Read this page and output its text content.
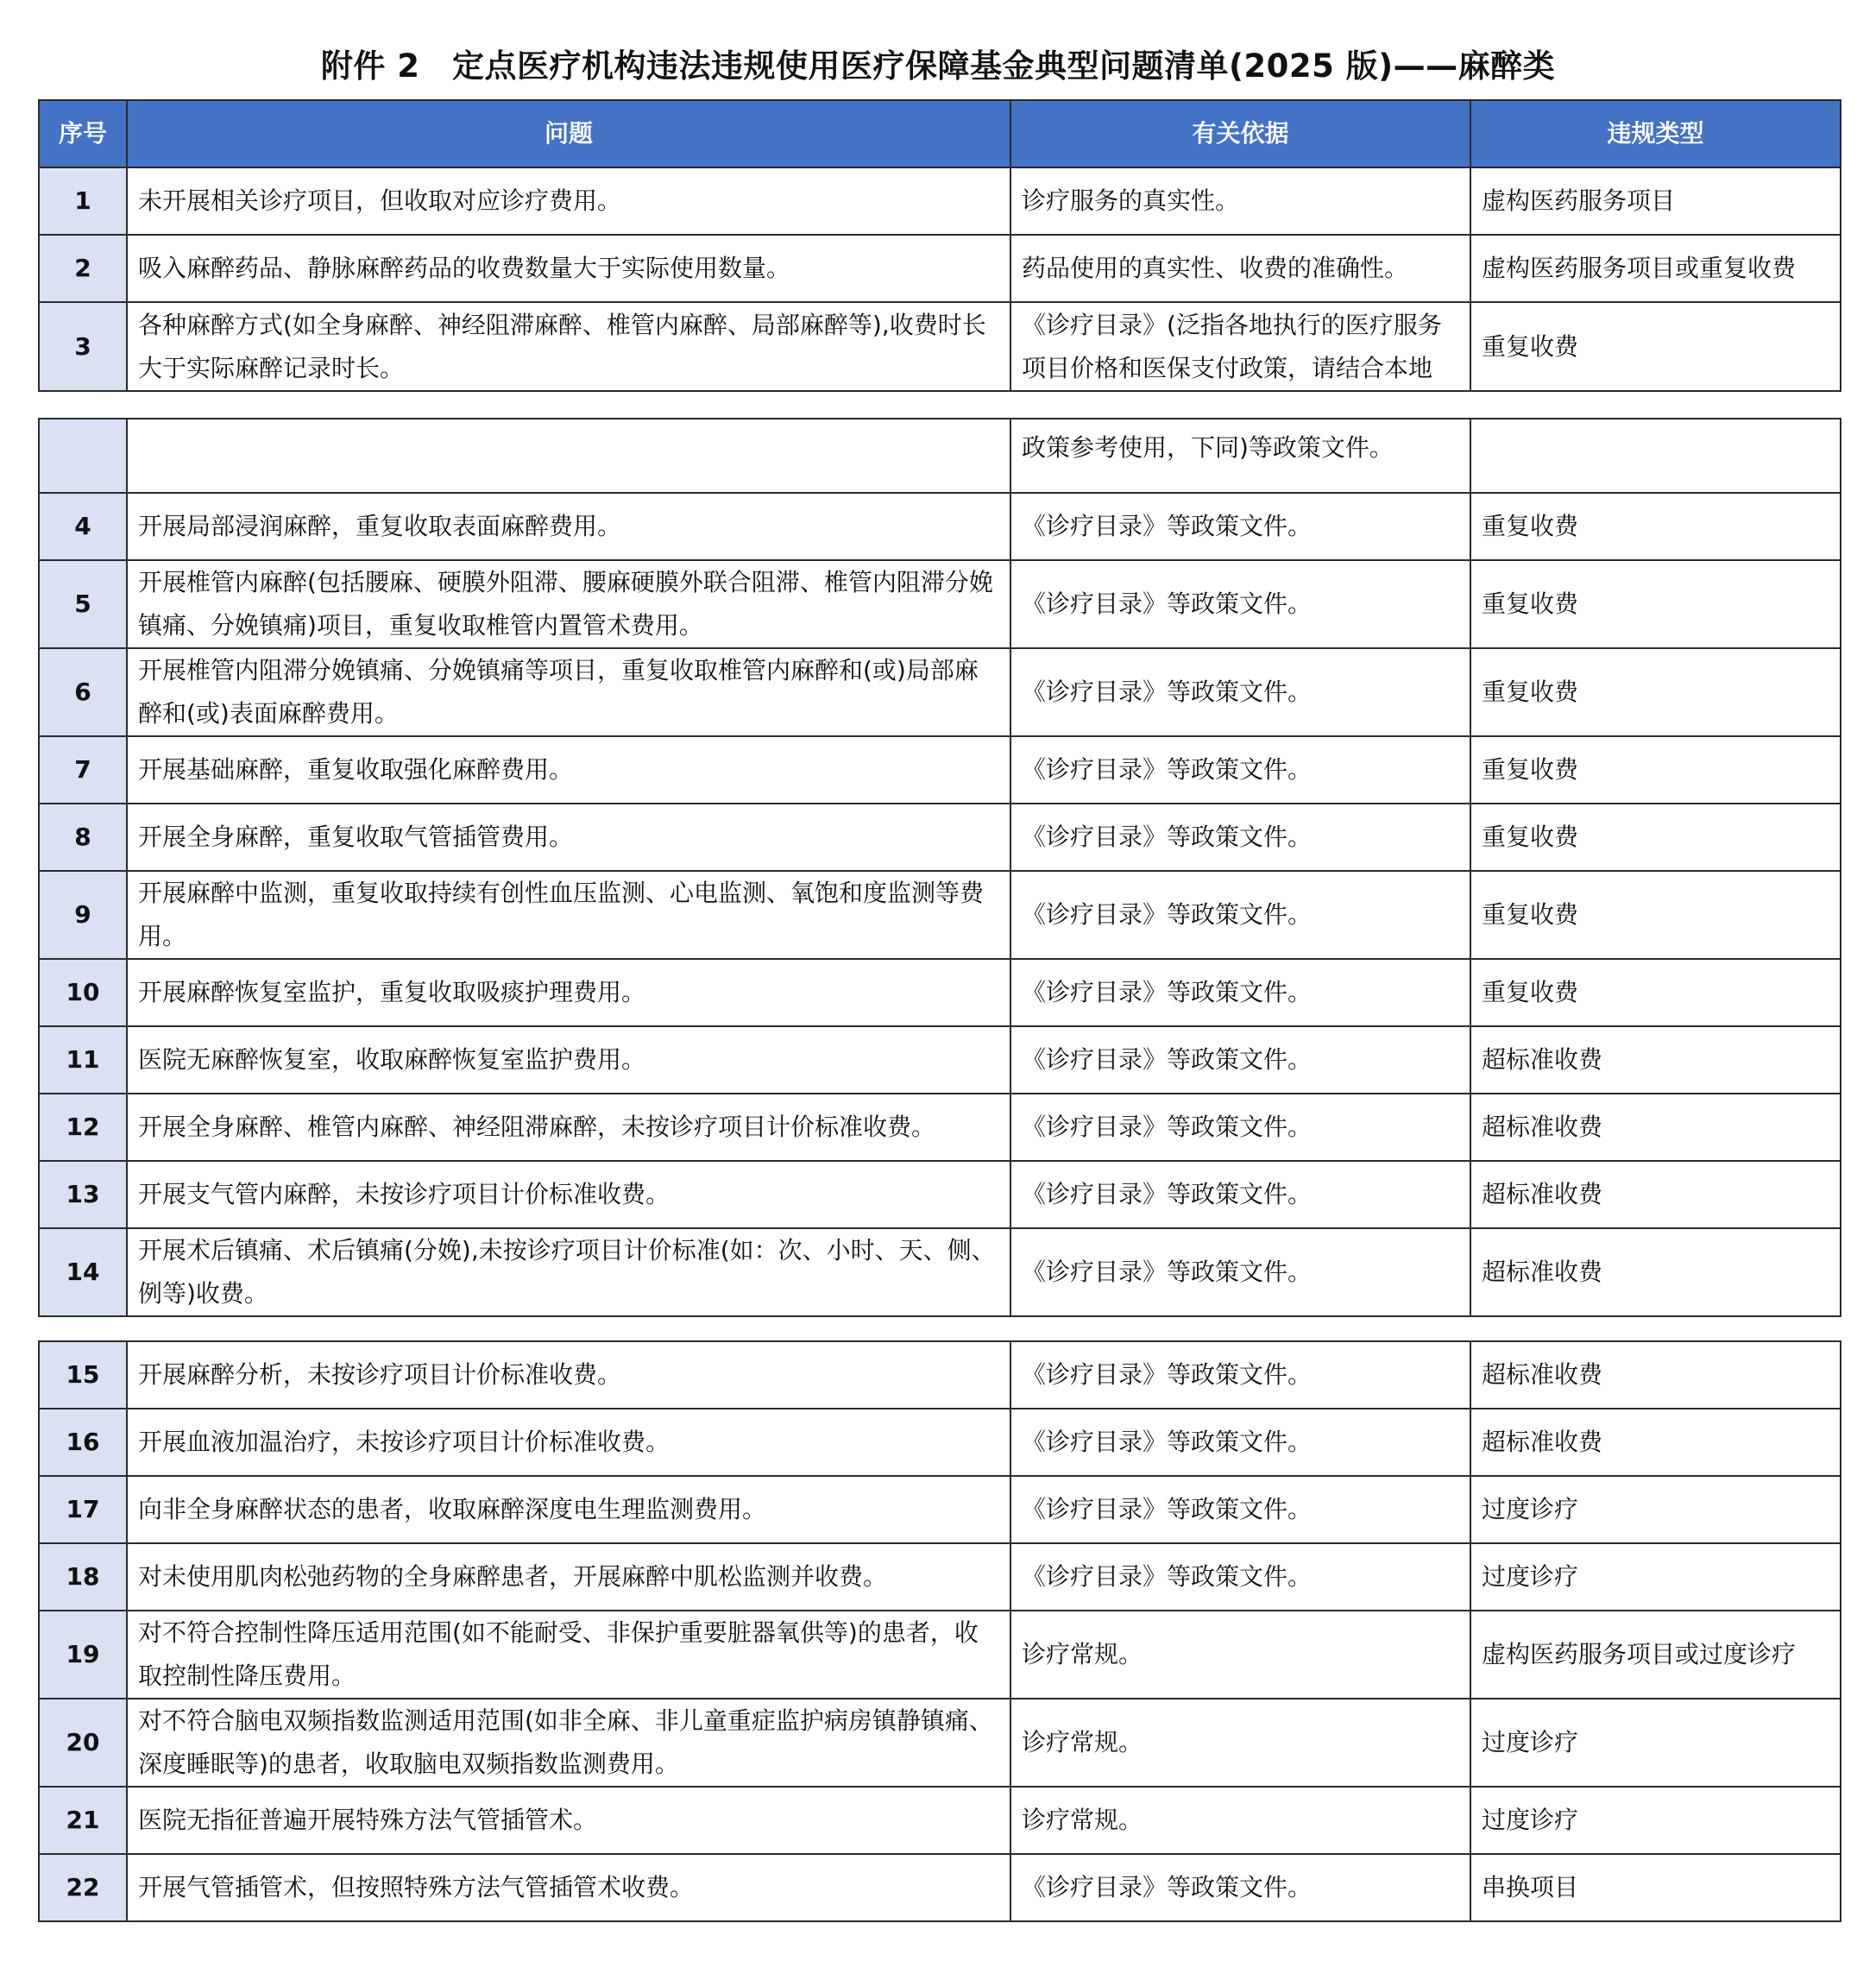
附件 2　定点医疗机构违法违规使用医疗保障基金典型问题清单(2025 版)——麻醉类
序号	问题	有关依据	违规类型
1	未开展相关诊疗项目，但收取对应诊疗费用。	诊疗服务的真实性。	虚构医药服务项目
2	吸入麻醉药品、静脉麻醉药品的收费数量大于实际使用数量。	药品使用的真实性、收费的准确性。	虚构医药服务项目或重复收费
3	各种麻醉方式(如全身麻醉、神经阻滞麻醉、椎管内麻醉、局部麻醉等),收费时长大于实际麻醉记录时长。	《诊疗目录》(泛指各地执行的医疗服务项目价格和医保支付政策，请结合本地	重复收费
		政策参考使用，下同)等政策文件。	
4	开展局部浸润麻醉，重复收取表面麻醉费用。	《诊疗目录》等政策文件。	重复收费
5	开展椎管内麻醉(包括腰麻、硬膜外阻滞、腰麻硬膜外联合阻滞、椎管内阻滞分娩镇痛、分娩镇痛)项目，重复收取椎管内置管术费用。	《诊疗目录》等政策文件。	重复收费
6	开展椎管内阻滞分娩镇痛、分娩镇痛等项目，重复收取椎管内麻醉和(或)局部麻醉和(或)表面麻醉费用。	《诊疗目录》等政策文件。	重复收费
7	开展基础麻醉，重复收取强化麻醉费用。	《诊疗目录》等政策文件。	重复收费
8	开展全身麻醉，重复收取气管插管费用。	《诊疗目录》等政策文件。	重复收费
9	开展麻醉中监测，重复收取持续有创性血压监测、心电监测、氧饱和度监测等费用。	《诊疗目录》等政策文件。	重复收费
10	开展麻醉恢复室监护，重复收取吸痰护理费用。	《诊疗目录》等政策文件。	重复收费
11	医院无麻醉恢复室，收取麻醉恢复室监护费用。	《诊疗目录》等政策文件。	超标准收费
12	开展全身麻醉、椎管内麻醉、神经阻滞麻醉，未按诊疗项目计价标准收费。	《诊疗目录》等政策文件。	超标准收费
13	开展支气管内麻醉，未按诊疗项目计价标准收费。	《诊疗目录》等政策文件。	超标准收费
14	开展术后镇痛、术后镇痛(分娩),未按诊疗项目计价标准(如：次、小时、天、侧、例等)收费。	《诊疗目录》等政策文件。	超标准收费
15	开展麻醉分析，未按诊疗项目计价标准收费。	《诊疗目录》等政策文件。	超标准收费
16	开展血液加温治疗，未按诊疗项目计价标准收费。	《诊疗目录》等政策文件。	超标准收费
17	向非全身麻醉状态的患者，收取麻醉深度电生理监测费用。	《诊疗目录》等政策文件。	过度诊疗
18	对未使用肌肉松弛药物的全身麻醉患者，开展麻醉中肌松监测并收费。	《诊疗目录》等政策文件。	过度诊疗
19	对不符合控制性降压适用范围(如不能耐受、非保护重要脏器氧供等)的患者，收取控制性降压费用。	诊疗常规。	虚构医药服务项目或过度诊疗
20	对不符合脑电双频指数监测适用范围(如非全麻、非儿童重症监护病房镇静镇痛、深度睡眠等)的患者，收取脑电双频指数监测费用。	诊疗常规。	过度诊疗
21	医院无指征普遍开展特殊方法气管插管术。	诊疗常规。	过度诊疗
22	开展气管插管术，但按照特殊方法气管插管术收费。	《诊疗目录》等政策文件。	串换项目
